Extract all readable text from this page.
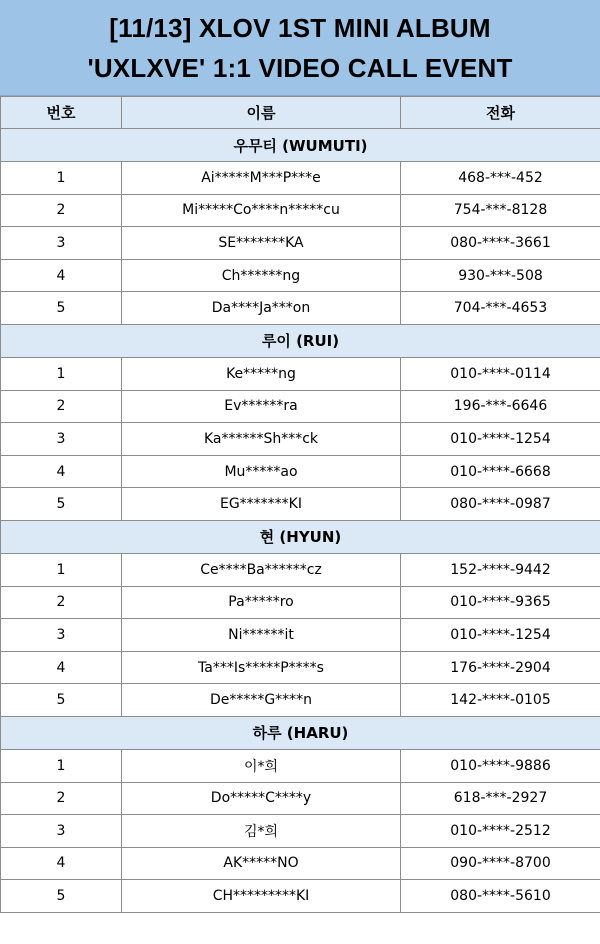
[11/13] XLOV 1ST MINI ALBUM
'UXLXVE' 1:1 VIDEO CALL EVENT
번호	이름	전화
우무티 (WUMUTI)		
1	Ai*****M***P***e	468-***-452
2	Mi*****Co****n*****cu	754-***-8128
3	SE*******KA	080-****-3661
4	Ch******ng	930-***-508
5	Da****Ja***on	704-***-4653
루이 (RUI)		
1	Ke*****ng	010-****-0114
2	Ev******ra	196-***-6646
3	Ka******Sh***ck	010-****-1254
4	Mu*****ao	010-****-6668
5	EG*******KI	080-****-0987
현 (HYUN)		
1	Ce****Ba******cz	152-****-9442
2	Pa*****ro	010-****-9365
3	Ni******it	010-****-1254
4	Ta***Is*****P****s	176-****-2904
5	De*****G****n	142-****-0105
하루 (HARU)		
1	이*희	010-****-9886
2	Do*****C****y	618-***-2927
3	김*희	010-****-2512
4	AK*****NO	090-****-8700
5	CH*********KI	080-****-5610
